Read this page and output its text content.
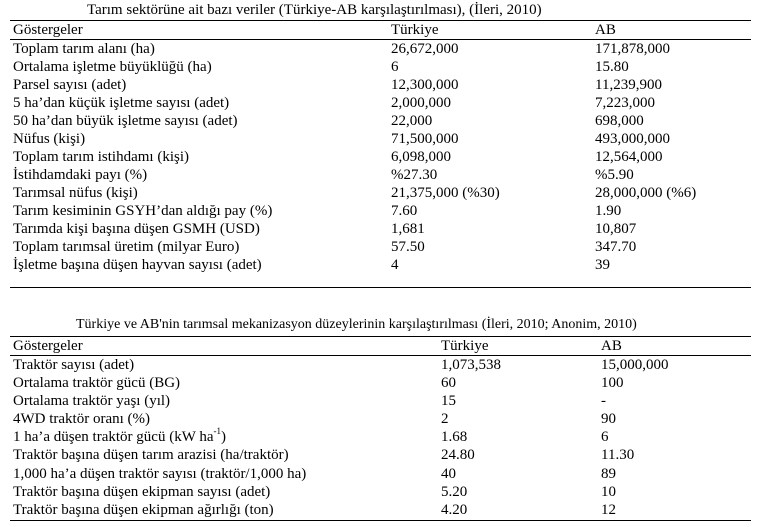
Tarım sektörüne ait bazı veriler (Türkiye-AB karşılaştırılması), (İleri, 2010)
Göstergeler	Türkiye	AB
Toplam tarım alanı (ha)	26,672,000	171,878,000
Ortalama işletme büyüklüğü (ha)	6	15.80
Parsel sayısı (adet)	12,300,000	11,239,900
5 ha’dan küçük işletme sayısı (adet)	2,000,000	7,223,000
50 ha’dan büyük işletme sayısı (adet)	22,000	698,000
Nüfus (kişi)	71,500,000	493,000,000
Toplam tarım istihdamı (kişi)	6,098,000	12,564,000
İstihdamdaki payı (%)	%27.30	%5.90
Tarımsal nüfus (kişi)	21,375,000 (%30)	28,000,000 (%6)
Tarım kesiminin GSYH’dan aldığı pay (%)	7.60	1.90
Tarımda kişi başına düşen GSMH (USD)	1,681	10,807
Toplam tarımsal üretim (milyar Euro)	57.50	347.70
İşletme başına düşen hayvan sayısı (adet)	4	39
Türkiye ve AB'nin tarımsal mekanizasyon düzeylerinin karşılaştırılması (İleri, 2010; Anonim, 2010)
Göstergeler	Türkiye	AB
Traktör sayısı (adet)	1,073,538	15,000,000
Ortalama traktör gücü (BG)	60	100
Ortalama traktör yaşı (yıl)	15	-
4WD traktör oranı (%)	2	90
1 ha’a düşen traktör gücü (kW $ha^{-1}$)	1.68	6
Traktör başına düşen tarım arazisi (ha/traktör)	24.80	11.30
1,000 ha’a düşen traktör sayısı (traktör/1,000 ha)	40	89
Traktör başına düşen ekipman sayısı (adet)	5.20	10
Traktör başına düşen ekipman ağırlığı (ton)	4.20	12
